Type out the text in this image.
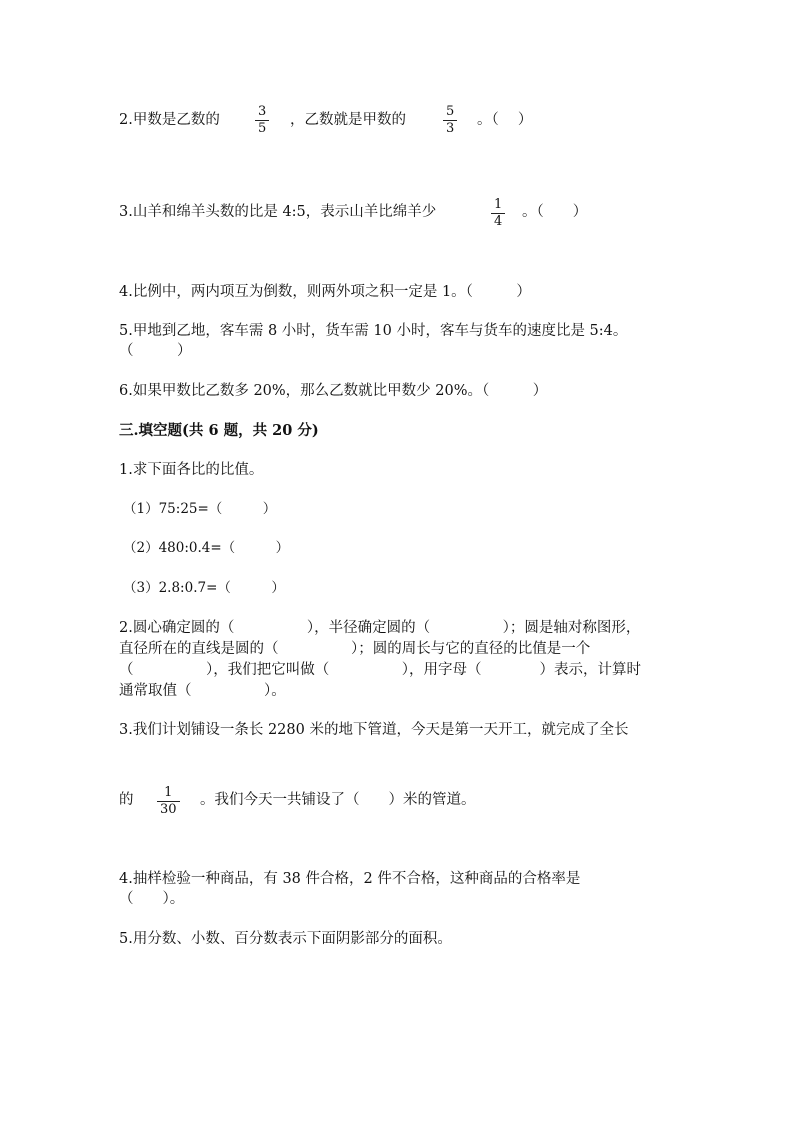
2.甲数是乙数的
3
5
，乙数就是甲数的
5
3
。（　 ）
3.山羊和绵羊头数的比是 4:5，表示山羊比绵羊少	1
4
。（　　）
4.比例中，两内项互为倒数，则两外项之积一定是 1。（　　　）
5.甲地到乙地，客车需 8 小时，货车需 10 小时，客车与货车的速度比是 5:4。
（　　　）
6.如果甲数比乙数多 20%，那么乙数就比甲数少 20%。（　　　）
三.填空题(共 6 题，共 20 分)
1.求下面各比的比值。
（1）75:25=（　　　）
（2）480:0.4=（　　　）
（3）2.8:0.7=（　　　）
2.圆心确定圆的（　　　　　），半径确定圆的（　　　　　）；圆是轴对称图形，
直径所在的直线是圆的（　　　　　）；圆的周长与它的直径的比值是一个
（　　　　　），我们把它叫做（　　　　　），用字母（　　　　）表示，计算时
通常取值（　　　　　）。
3.我们计划铺设一条长 2280 米的地下管道，今天是第一天开工，就完成了全长
的 1
30
。我们今天一共铺设了（　　）米的管道。
4.抽样检验一种商品，有 38 件合格，2 件不合格，这种商品的合格率是
（　　）。
5.用分数、小数、百分数表示下面阴影部分的面积。
